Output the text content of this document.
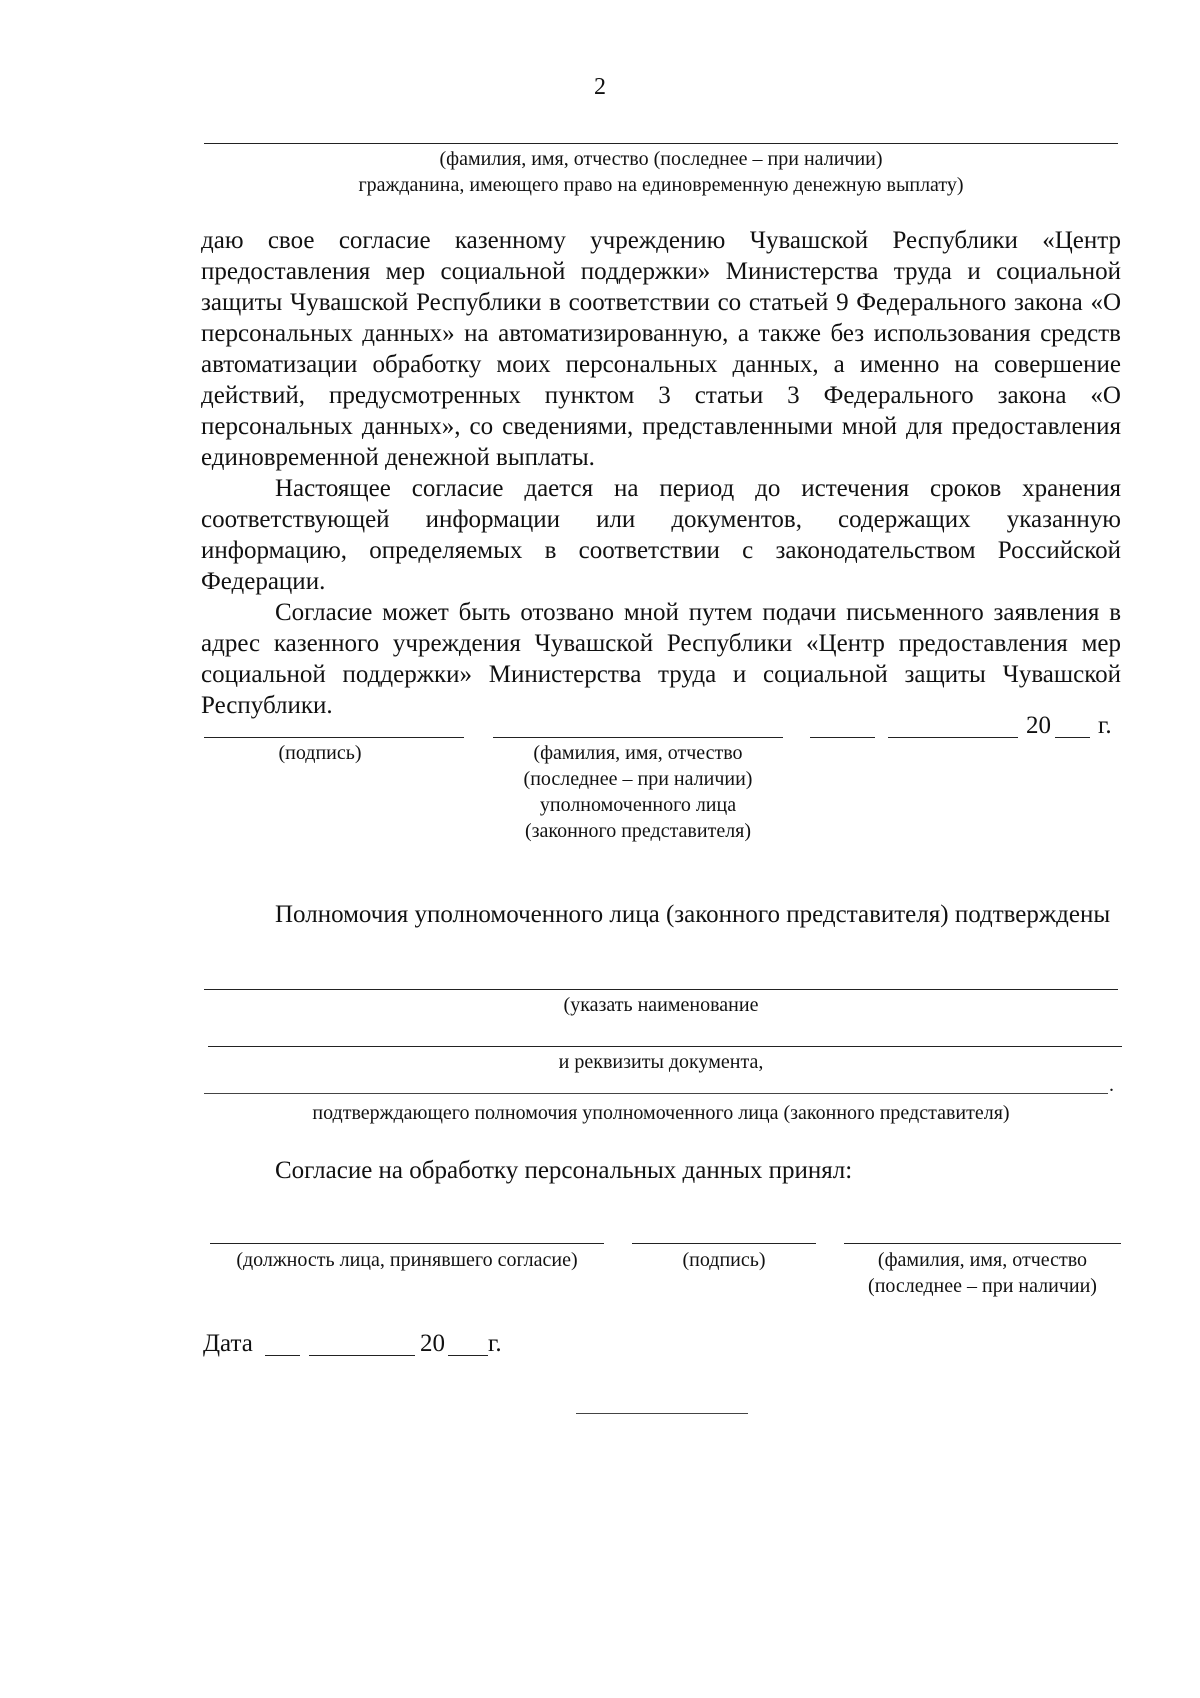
2
(фамилия, имя, отчество (последнее – при наличии)
гражданина, имеющего право на единовременную денежную выплату)

даю свое согласие казенному учреждению Чувашской Республики «Центр предоставления мер социальной поддержки» Министерства труда и социальной защиты Чувашской Республики в соответствии со статьей 9 Федерального закона «О персональных данных» на автоматизированную, а также без использования средств автоматизации обработку моих персональных данных, а именно на совершение действий, предусмотренных пунктом 3 статьи 3 Федерального закона «О персональных данных», со сведениями, представленными мной для предоставления единовременной денежной выплаты.

Настоящее согласие дается на период до истечения сроков хранения соответствующей информации или документов, содержащих указанную информацию, определяемых в соответствии с законодательством Российской Федерации.

Согласие может быть отозвано мной путем подачи письменного заявления в адрес казенного учреждения Чувашской Республики «Центр предоставления мер социальной поддержки» Министерства труда и социальной защиты Чувашской Республики.

20 г.
(подпись)	(фамилия, имя, отчество
(последнее – при наличии)
уполномоченного лица
(законного представителя)

Полномочия уполномоченного лица (законного представителя) подтверждены

(указать наименование
и реквизиты документа,
.
подтверждающего полномочия уполномоченного лица (законного представителя)

Согласие на обработку персональных данных принял:

(должность лица, принявшего согласие)	(подпись)	(фамилия, имя, отчество
(последнее – при наличии)
Дата	20 г.
